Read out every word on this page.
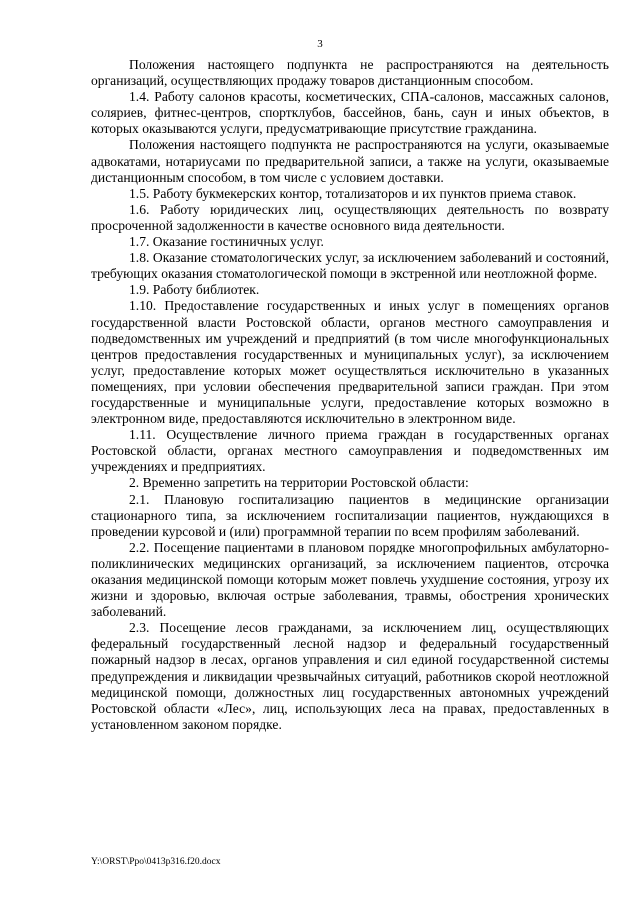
3

Положения настоящего подпункта не распространяются на деятельность организаций, осуществляющих продажу товаров дистанционным способом.

1.4. Работу салонов красоты, косметических, СПА-салонов, массажных салонов, соляриев, фитнес-центров, спортклубов, бассейнов, бань, саун и иных объектов, в которых оказываются услуги, предусматривающие присутствие гражданина.

Положения настоящего подпункта не распространяются на услуги, оказываемые адвокатами, нотариусами по предварительной записи, а также на услуги, оказываемые дистанционным способом, в том числе с условием доставки.

1.5. Работу букмекерских контор, тотализаторов и их пунктов приема ставок.

1.6. Работу юридических лиц, осуществляющих деятельность по возврату просроченной задолженности в качестве основного вида деятельности.

1.7. Оказание гостиничных услуг.

1.8. Оказание стоматологических услуг, за исключением заболеваний и состояний, требующих оказания стоматологической помощи в экстренной или неотложной форме.

1.9. Работу библиотек.

1.10. Предоставление государственных и иных услуг в помещениях органов государственной власти Ростовской области, органов местного самоуправления и подведомственных им учреждений и предприятий (в том числе многофункциональных центров предоставления государственных и муниципальных услуг), за исключением услуг, предоставление которых может осуществляться исключительно в указанных помещениях, при условии обеспечения предварительной записи граждан. При этом государственные и муниципальные услуги, предоставление которых возможно в электронном виде, предоставляются исключительно в электронном виде.

1.11. Осуществление личного приема граждан в государственных органах Ростовской области, органах местного самоуправления и подведомственных им учреждениях и предприятиях.

2. Временно запретить на территории Ростовской области:

2.1. Плановую госпитализацию пациентов в медицинские организации стационарного типа, за исключением госпитализации пациентов, нуждающихся в проведении курсовой и (или) программной терапии по всем профилям заболеваний.

2.2. Посещение пациентами в плановом порядке многопрофильных амбулаторно-поликлинических медицинских организаций, за исключением пациентов, отсрочка оказания медицинской помощи которым может повлечь ухудшение состояния, угрозу их жизни и здоровью, включая острые заболевания, травмы, обострения хронических заболеваний.

2.3. Посещение лесов гражданами, за исключением лиц, осуществляющих федеральный государственный лесной надзор и федеральный государственный пожарный надзор в лесах, органов управления и сил единой государственной системы предупреждения и ликвидации чрезвычайных ситуаций, работников скорой неотложной медицинской помощи, должностных лиц государственных автономных учреждений Ростовской области «Лес», лиц, использующих леса на правах, предоставленных в установленном законом порядке.

Y:\ORST\Ppo\0413p316.f20.docx
